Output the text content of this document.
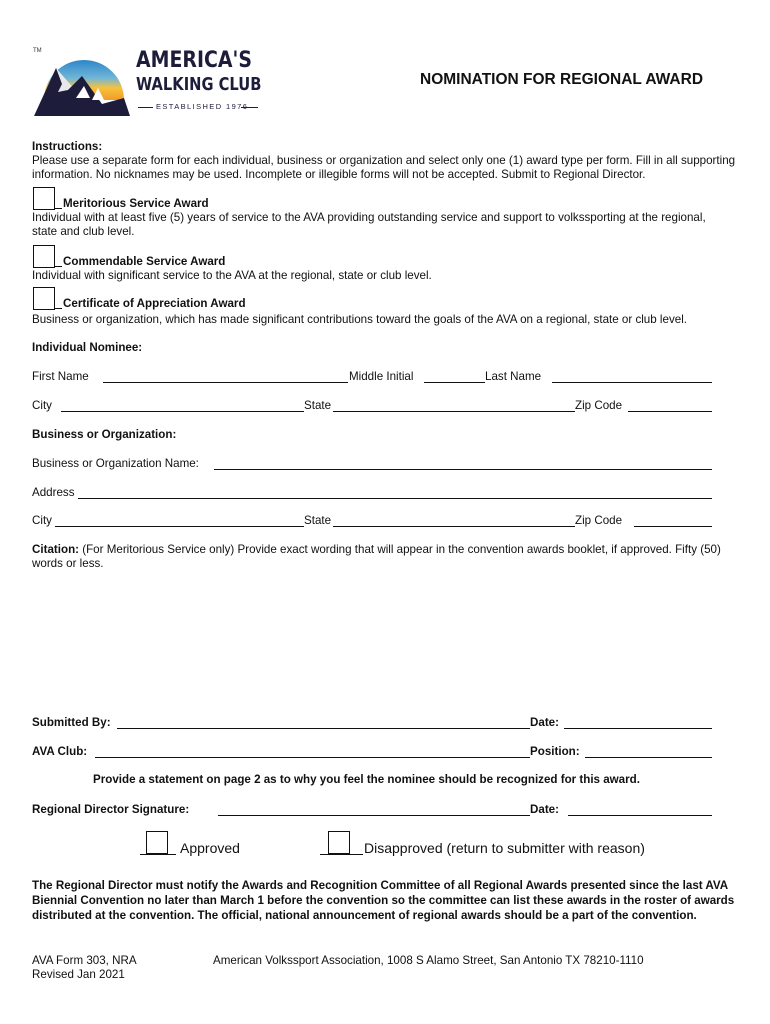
TM	AMERICA'S
WALKING CLUB
ESTABLISHED 1976
NOMINATION FOR REGIONAL AWARD
Instructions:
Please use a separate form for each individual, business or organization and select only one (1) award type per form. Fill in all supporting information. No nicknames may be used. Incomplete or illegible forms will not be accepted. Submit to Regional Director.
Meritorious Service Award
Individual with at least five (5) years of service to the AVA providing outstanding service and support to volkssporting at the regional, state and club level.
Commendable Service Award
Individual with significant service to the AVA at the regional, state or club level.
Certificate of Appreciation Award
Business or organization, which has made significant contributions toward the goals of the AVA on a regional, state or club level.
Individual Nominee:
First Name	Middle Initial	Last Name
City	State	Zip Code
Business or Organization:
Business or Organization Name:
Address
City	State	Zip Code
Citation: (For Meritorious Service only) Provide exact wording that will appear in the convention awards booklet, if approved. Fifty (50) words or less.
Submitted By:	Date:
AVA Club:	Position:
Provide a statement on page 2 as to why you feel the nominee should be recognized for this award.
Regional Director Signature:	Date:
Approved	Disapproved (return to submitter with reason)
The Regional Director must notify the Awards and Recognition Committee of all Regional Awards presented since the last AVA Biennial Convention no later than March 1 before the convention so the committee can list these awards in the roster of awards distributed at the convention. The official, national announcement of regional awards should be a part of the convention.
AVA Form 303, NRA
Revised Jan 2021
American Volkssport Association, 1008 S Alamo Street, San Antonio TX 78210-1110
